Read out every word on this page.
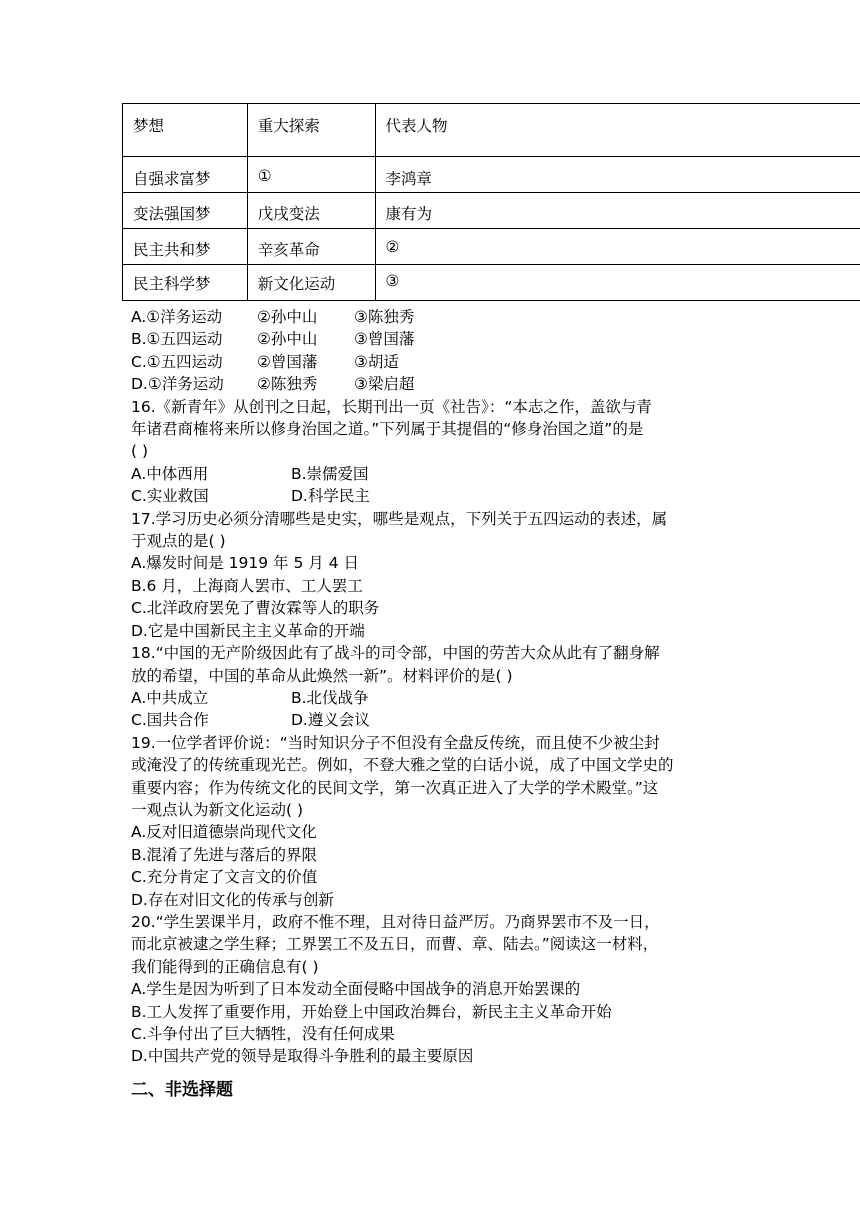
梦想	重大探索	代表人物
自强求富梦	①	李鸿章
变法强国梦	戊戌变法	康有为
民主共和梦	辛亥革命	②
民主科学梦	新文化运动	③
A.①洋务运动 ②孙中山 ③陈独秀
B.①五四运动 ②孙中山 ③曾国藩
C.①五四运动 ②曾国藩 ③胡适
D.①洋务运动 ②陈独秀 ③梁启超
16.《新青年》从创刊之日起，长期刊出一页《社告》：“本志之作，盖欲与青
年诸君商榷将来所以修身治国之道。”下列属于其提倡的“修身治国之道”的是
( )
A.中体西用	B.崇儒爱国
C.实业救国	D.科学民主
17.学习历史必须分清哪些是史实，哪些是观点，下列关于五四运动的表述，属
于观点的是( )
A.爆发时间是 1919 年 5 月 4 日
B.6 月，上海商人罢市、工人罢工
C.北洋政府罢免了曹汝霖等人的职务
D.它是中国新民主主义革命的开端
18.“中国的无产阶级因此有了战斗的司令部，中国的劳苦大众从此有了翻身解
放的希望，中国的革命从此焕然一新”。材料评价的是( )
A.中共成立	B.北伐战争
C.国共合作	D.遵义会议
19.一位学者评价说：“当时知识分子不但没有全盘反传统，而且使不少被尘封
或淹没了的传统重现光芒。例如，不登大雅之堂的白话小说，成了中国文学史的
重要内容；作为传统文化的民间文学，第一次真正进入了大学的学术殿堂。”这
一观点认为新文化运动( )
A.反对旧道德崇尚现代文化
B.混淆了先进与落后的界限
C.充分肯定了文言文的价值
D.存在对旧文化的传承与创新
20.“学生罢课半月，政府不惟不理，且对待日益严厉。乃商界罢市不及一日，
而北京被逮之学生释；工界罢工不及五日，而曹、章、陆去。”阅读这一材料，
我们能得到的正确信息有( )
A.学生是因为听到了日本发动全面侵略中国战争的消息开始罢课的
B.工人发挥了重要作用，开始登上中国政治舞台，新民主主义革命开始
C.斗争付出了巨大牺牲，没有任何成果
D.中国共产党的领导是取得斗争胜利的最主要原因
二、非选择题
